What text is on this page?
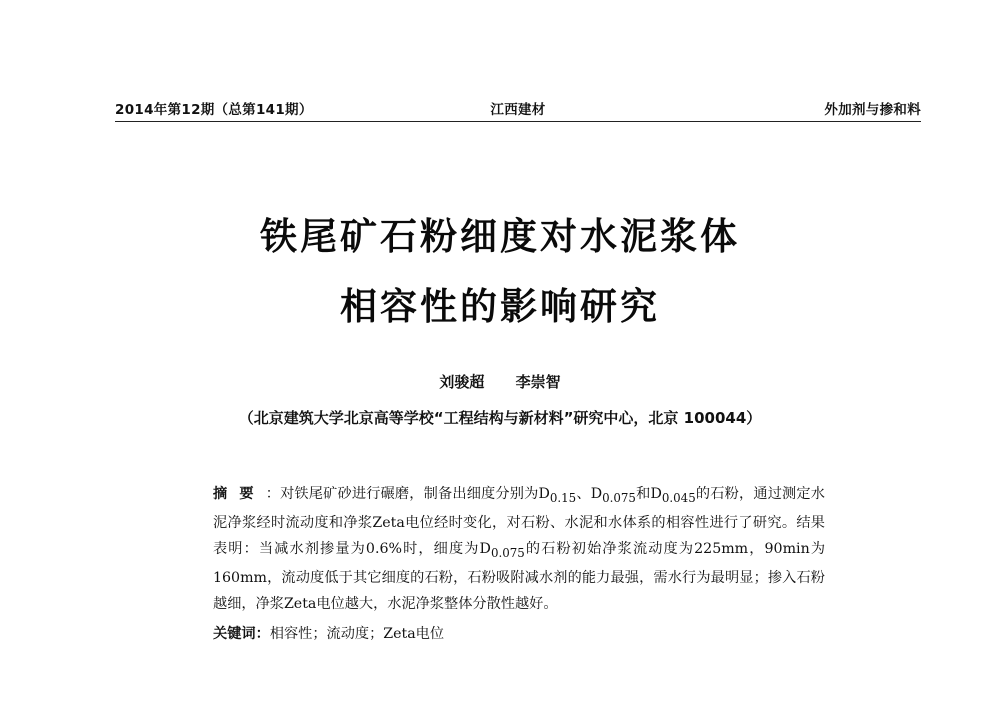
2014年第12期（总第141期）	江西建材	外加剂与掺和料
铁尾矿石粉细度对水泥浆体
相容性的影响研究
刘骏超 李崇智
（北京建筑大学北京高等学校“工程结构与新材料”研究中心，北京 100044）
摘要：对铁尾矿砂进行碾磨，制备出细度分别为$D_{0.15}$、$D_{0.075}$和$D_{0.045}$的石粉，通过测定水泥净浆经时流动度和净浆Zeta电位经时变化，对石粉、水泥和水体系的相容性进行了研究。结果表明：当减水剂掺量为0.6%时，细度为$D_{0.075}$的石粉初始净浆流动度为225mm，90min为160mm，流动度低于其它细度的石粉，石粉吸附减水剂的能力最强，需水行为最明显；掺入石粉越细，净浆Zeta电位越大，水泥净浆整体分散性越好。
关键词：相容性；流动度；Zeta电位
